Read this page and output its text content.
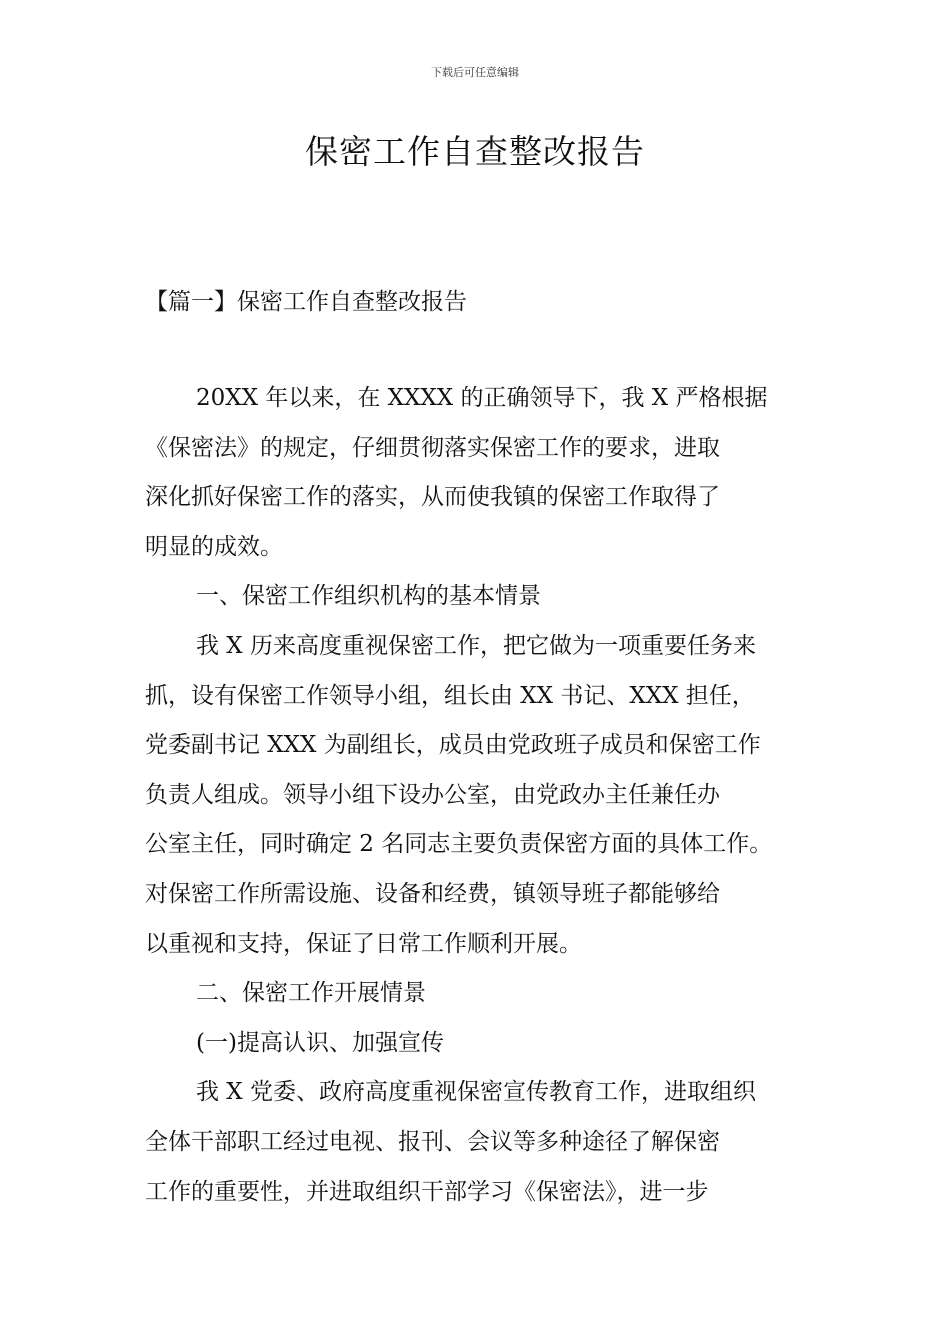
下载后可任意编辑
保密工作自查整改报告
【篇一】保密工作自查整改报告
20XX 年以来，在 XXXX 的正确领导下，我 X 严格根据
《保密法》的规定，仔细贯彻落实保密工作的要求，进取
深化抓好保密工作的落实，从而使我镇的保密工作取得了
明显的成效。
一、保密工作组织机构的基本情景
我 X 历来高度重视保密工作，把它做为一项重要任务来
抓，设有保密工作领导小组，组长由 XX 书记、XXX 担任，
党委副书记 XXX 为副组长，成员由党政班子成员和保密工作
负责人组成。领导小组下设办公室，由党政办主任兼任办
公室主任，同时确定 2 名同志主要负责保密方面的具体工作。
对保密工作所需设施、设备和经费，镇领导班子都能够给
以重视和支持，保证了日常工作顺利开展。
二、保密工作开展情景
(一)提高认识、加强宣传
我 X 党委、政府高度重视保密宣传教育工作，进取组织
全体干部职工经过电视、报刊、会议等多种途径了解保密
工作的重要性，并进取组织干部学习《保密法》，进一步
